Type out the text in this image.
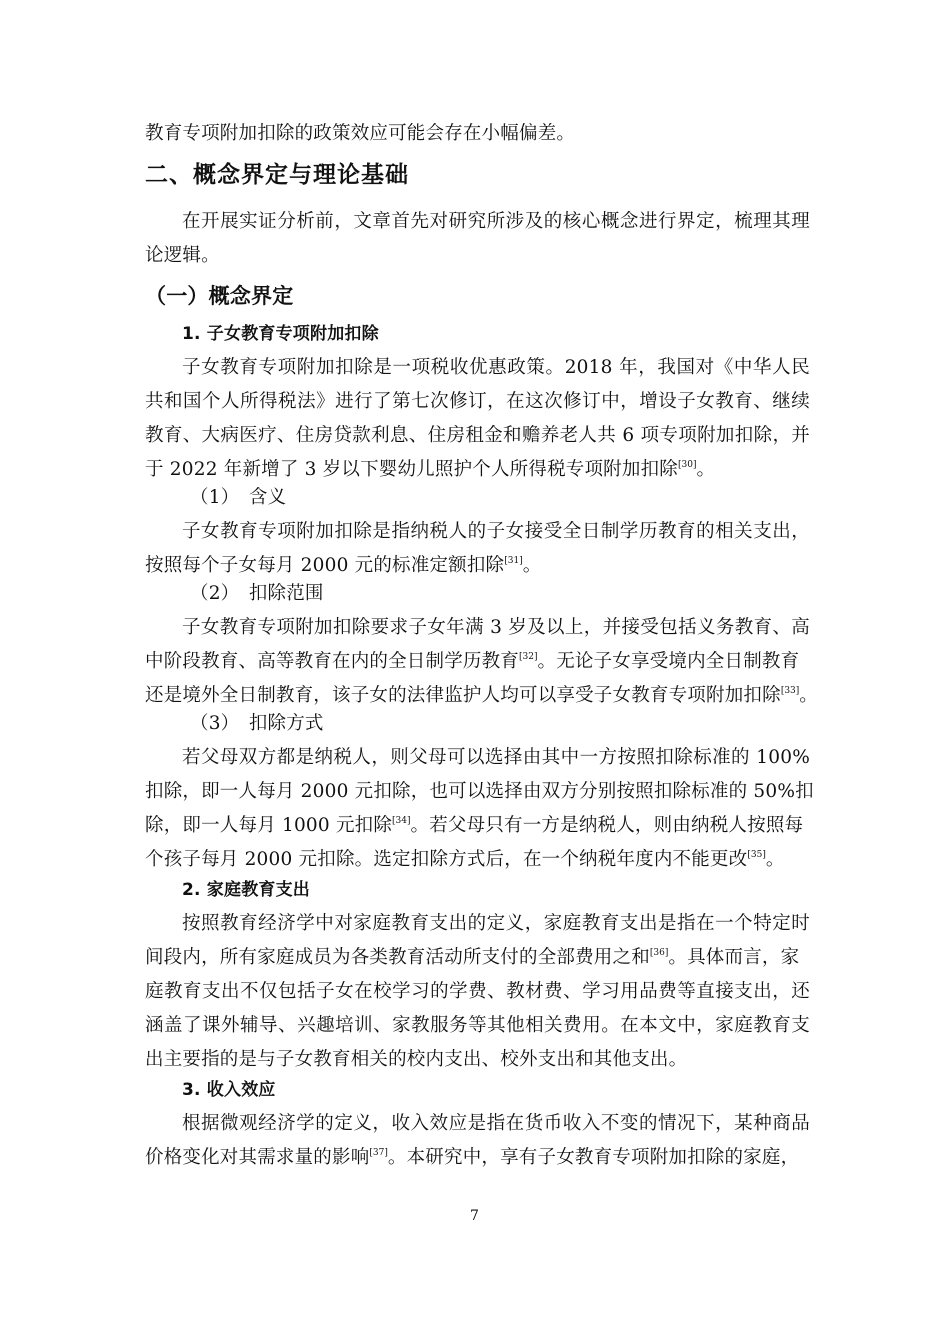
教育专项附加扣除的政策效应可能会存在小幅偏差。
二、概念界定与理论基础
在开展实证分析前，文章首先对研究所涉及的核心概念进行界定，梳理其理
论逻辑。
（一）概念界定
1. 子女教育专项附加扣除
子女教育专项附加扣除是一项税收优惠政策。2018 年，我国对《中华人民
共和国个人所得税法》进行了第七次修订，在这次修订中，增设子女教育、继续
教育、大病医疗、住房贷款利息、住房租金和赡养老人共 6 项专项附加扣除，并
于 2022 年新增了 3 岁以下婴幼儿照护个人所得税专项附加扣除[30]。
（1）　含义
子女教育专项附加扣除是指纳税人的子女接受全日制学历教育的相关支出，
按照每个子女每月 2000 元的标准定额扣除[31]。
（2）　扣除范围
子女教育专项附加扣除要求子女年满 3 岁及以上，并接受包括义务教育、高
中阶段教育、高等教育在内的全日制学历教育[32]。无论子女享受境内全日制教育
还是境外全日制教育，该子女的法律监护人均可以享受子女教育专项附加扣除[33]。
（3）　扣除方式
若父母双方都是纳税人，则父母可以选择由其中一方按照扣除标准的 100%
扣除，即一人每月 2000 元扣除，也可以选择由双方分别按照扣除标准的 50%扣
除，即一人每月 1000 元扣除[34]。若父母只有一方是纳税人，则由纳税人按照每
个孩子每月 2000 元扣除。选定扣除方式后，在一个纳税年度内不能更改[35]。
2. 家庭教育支出
按照教育经济学中对家庭教育支出的定义，家庭教育支出是指在一个特定时
间段内，所有家庭成员为各类教育活动所支付的全部费用之和[36]。具体而言，家
庭教育支出不仅包括子女在校学习的学费、教材费、学习用品费等直接支出，还
涵盖了课外辅导、兴趣培训、家教服务等其他相关费用。在本文中，家庭教育支
出主要指的是与子女教育相关的校内支出、校外支出和其他支出。
3. 收入效应
根据微观经济学的定义，收入效应是指在货币收入不变的情况下，某种商品
价格变化对其需求量的影响[37]。本研究中，享有子女教育专项附加扣除的家庭，
7
